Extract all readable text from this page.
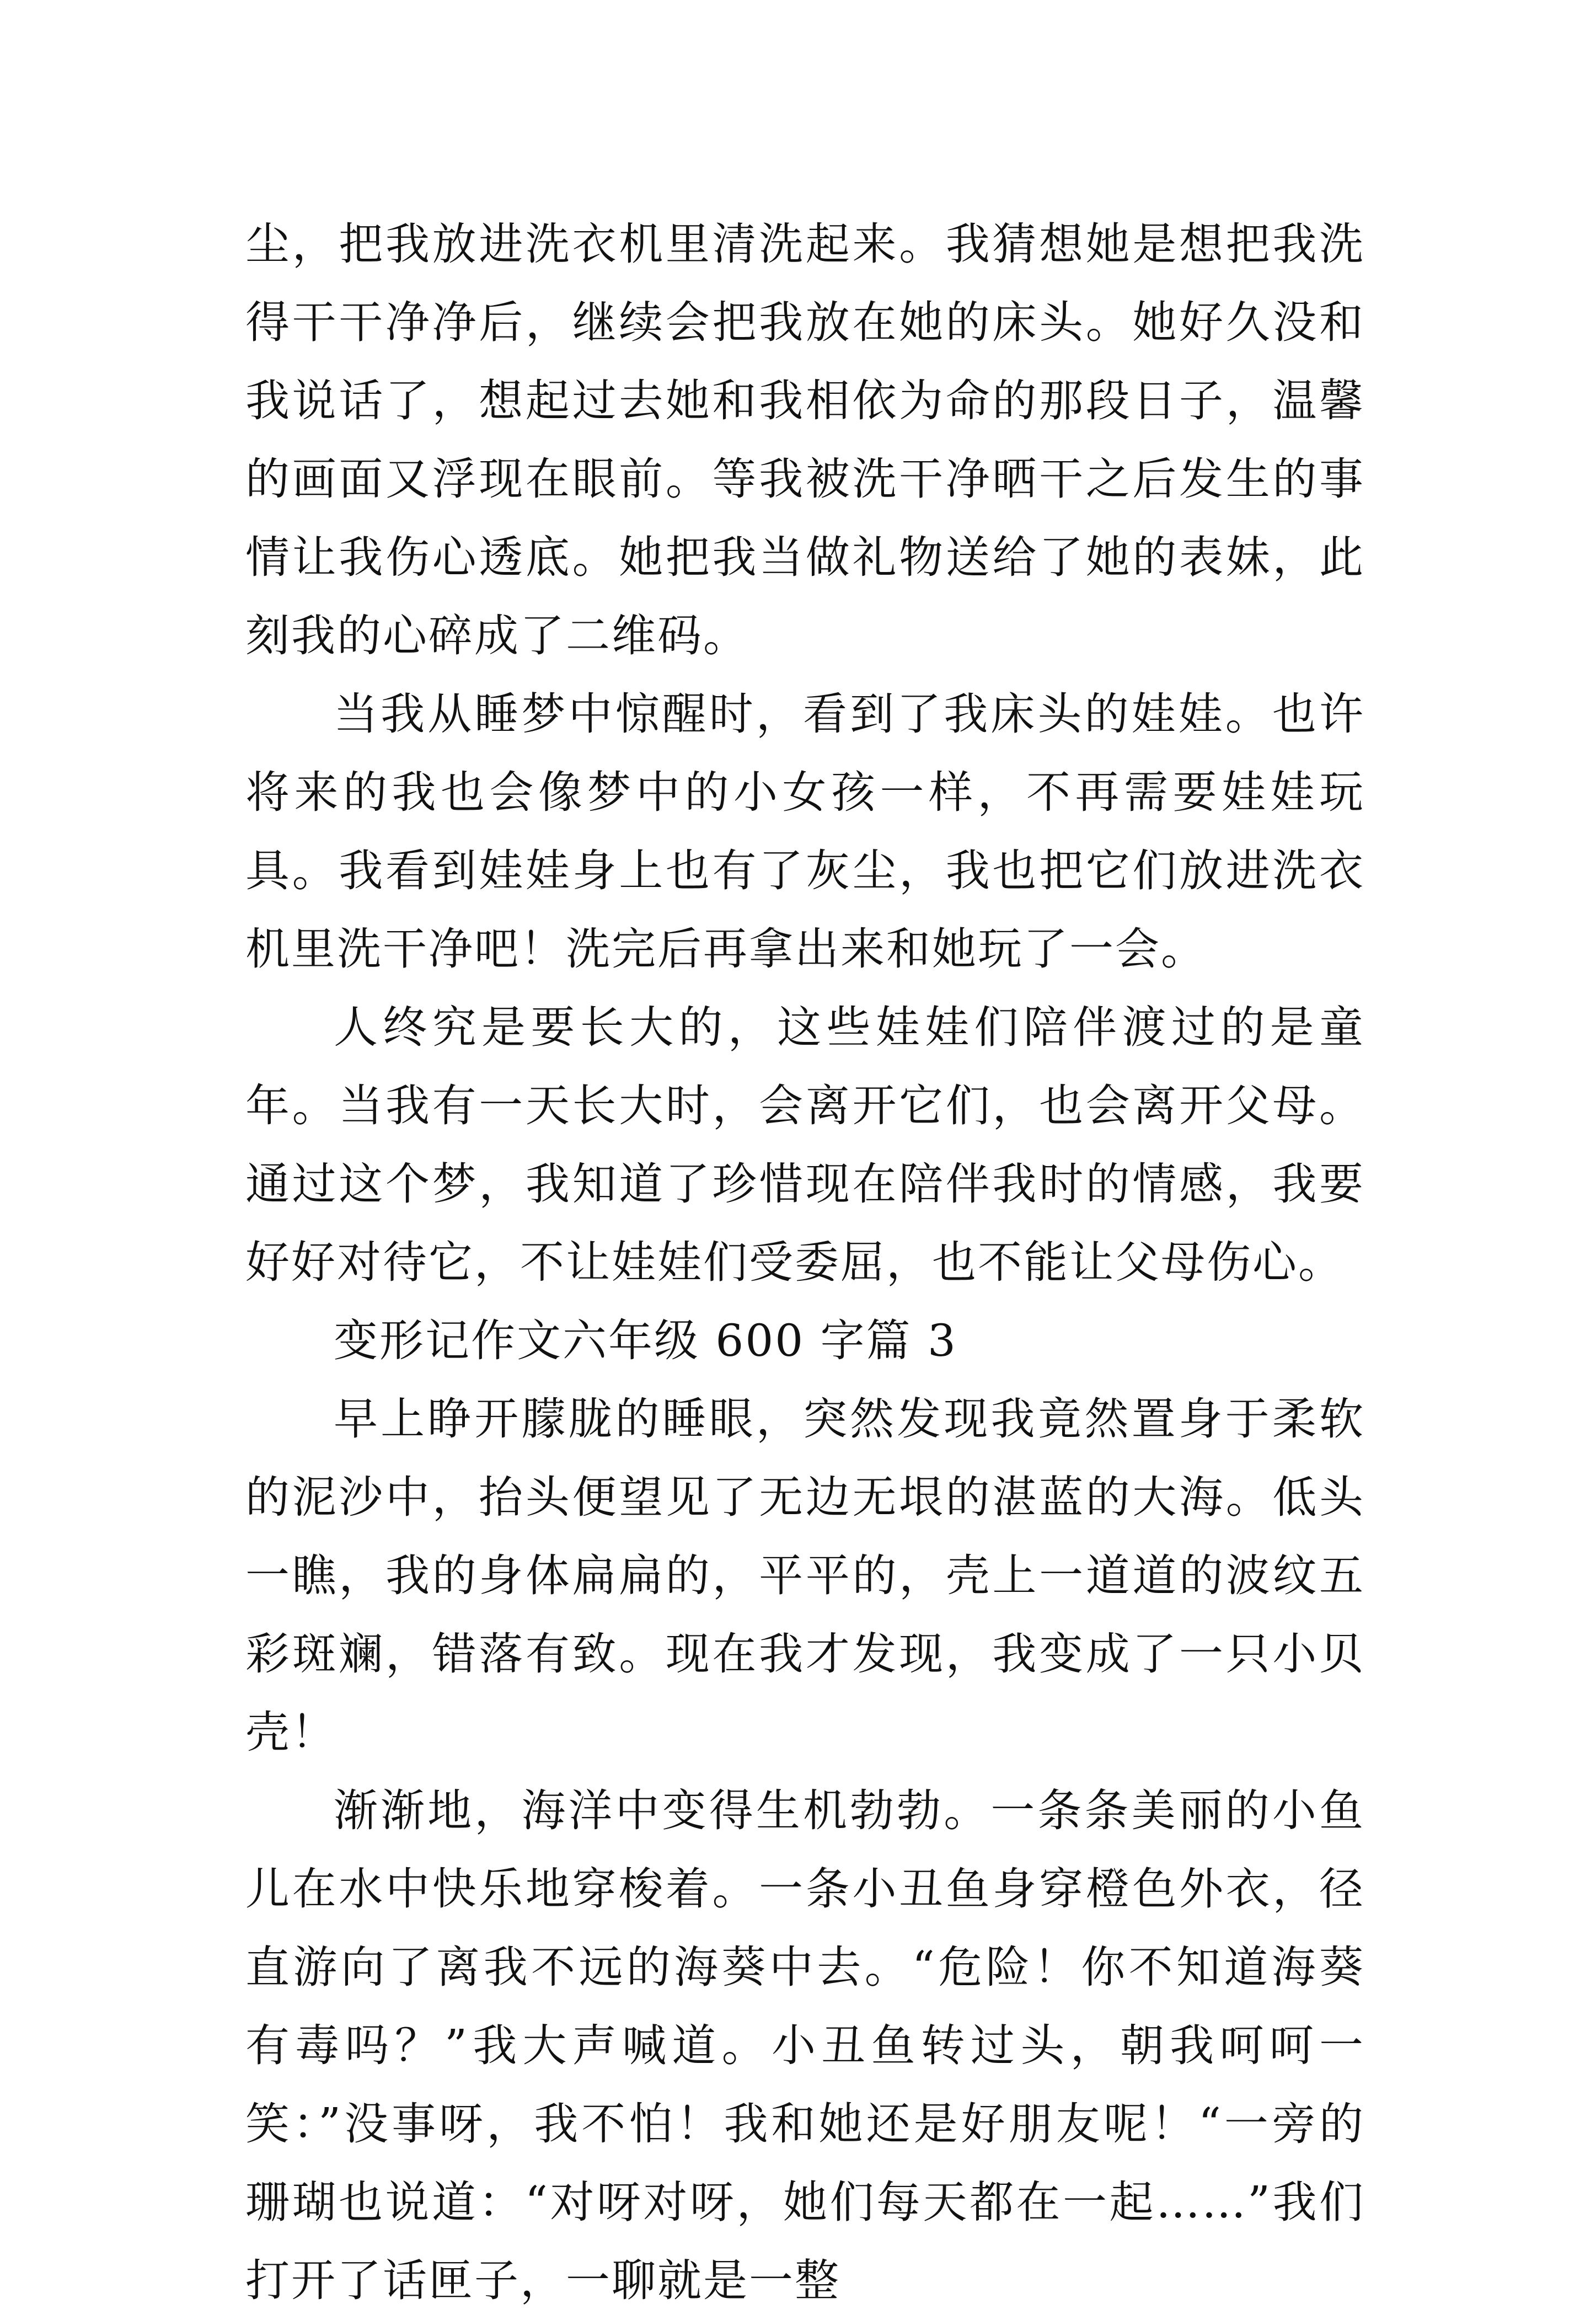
尘，把我放进洗衣机里清洗起来。我猜想她是想把我洗得干干净净后，继续会把我放在她的床头。她好久没和我说话了，想起过去她和我相依为命的那段日子，温馨的画面又浮现在眼前。等我被洗干净晒干之后发生的事情让我伤心透底。她把我当做礼物送给了她的表妹，此刻我的心碎成了二维码。

当我从睡梦中惊醒时，看到了我床头的娃娃。也许将来的我也会像梦中的小女孩一样，不再需要娃娃玩具。我看到娃娃身上也有了灰尘，我也把它们放进洗衣机里洗干净吧！洗完后再拿出来和她玩了一会。

人终究是要长大的，这些娃娃们陪伴渡过的是童年。当我有一天长大时，会离开它们，也会离开父母。通过这个梦，我知道了珍惜现在陪伴我时的情感，我要好好对待它，不让娃娃们受委屈，也不能让父母伤心。

变形记作文六年级 600 字篇 3

早上睁开朦胧的睡眼，突然发现我竟然置身于柔软的泥沙中，抬头便望见了无边无垠的湛蓝的大海。低头一瞧，我的身体扁扁的，平平的，壳上一道道的波纹五彩斑斓，错落有致。现在我才发现，我变成了一只小贝壳！

渐渐地，海洋中变得生机勃勃。一条条美丽的小鱼儿在水中快乐地穿梭着。一条小丑鱼身穿橙色外衣，径直游向了离我不远的海葵中去。“危险！你不知道海葵有毒吗？”我大声喊道。小丑鱼转过头，朝我呵呵一笑：”没事呀，我不怕！我和她还是好朋友呢！“一旁的珊瑚也说道：“对呀对呀，她们每天都在一起……”我们打开了话匣子，一聊就是一整
